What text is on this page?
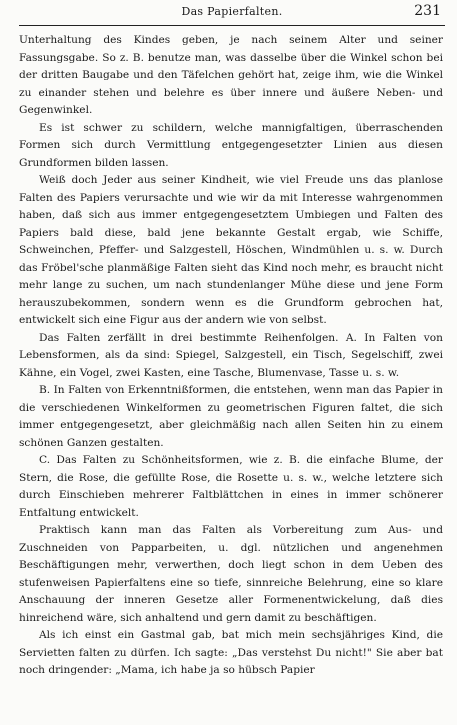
Das Papierfalten.	231

Unterhaltung des Kindes geben, je nach seinem Alter und seiner Fassungsgabe. So z. B. benutze man, was dasselbe über die Winkel schon bei der dritten Baugabe und den Täfelchen gehört hat, zeige ihm, wie die Winkel zu einander stehen und belehre es über innere und äußere Neben- und Gegenwinkel.

Es ist schwer zu schildern, welche mannigfaltigen, überraschenden Formen sich durch Vermittlung entgegengesetzter Linien aus diesen Grundformen bilden lassen.

Weiß doch Jeder aus seiner Kindheit, wie viel Freude uns das planlose Falten des Papiers verursachte und wie wir da mit Interesse wahrgenommen haben, daß sich aus immer entgegengesetztem Umbiegen und Falten des Papiers bald diese, bald jene bekannte Gestalt ergab, wie Schiffe, Schweinchen, Pfeffer- und Salzgestell, Höschen, Windmühlen u. s. w. Durch das Fröbel'sche planmäßige Falten sieht das Kind noch mehr, es braucht nicht mehr lange zu suchen, um nach stundenlanger Mühe diese und jene Form herauszubekommen, sondern wenn es die Grundform gebrochen hat, entwickelt sich eine Figur aus der andern wie von selbst.

Das Falten zerfällt in drei bestimmte Reihenfolgen. A. In Falten von Lebensformen, als da sind: Spiegel, Salzgestell, ein Tisch, Segelschiff, zwei Kähne, ein Vogel, zwei Kasten, eine Tasche, Blumenvase, Tasse u. s. w.

B. In Falten von Erkenntnißformen, die entstehen, wenn man das Papier in die verschiedenen Winkelformen zu geometrischen Figuren faltet, die sich immer entgegengesetzt, aber gleichmäßig nach allen Seiten hin zu einem schönen Ganzen gestalten.

C. Das Falten zu Schönheitsformen, wie z. B. die einfache Blume, der Stern, die Rose, die gefüllte Rose, die Rosette u. s. w., welche letztere sich durch Einschieben mehrerer Faltblättchen in eines in immer schönerer Entfaltung entwickelt.

Praktisch kann man das Falten als Vorbereitung zum Aus- und Zuschneiden von Papparbeiten, u. dgl. nützlichen und angenehmen Beschäftigungen mehr, verwerthen, doch liegt schon in dem Ueben des stufenweisen Papierfaltens eine so tiefe, sinnreiche Belehrung, eine so klare Anschauung der inneren Gesetze aller Formenentwickelung, daß dies hinreichend wäre, sich anhaltend und gern damit zu beschäftigen.

Als ich einst ein Gastmal gab, bat mich mein sechsjähriges Kind, die Servietten falten zu dürfen. Ich sagte: „Das verstehst Du nicht!" Sie aber bat noch dringender: „Mama, ich habe ja so hübsch Papier
